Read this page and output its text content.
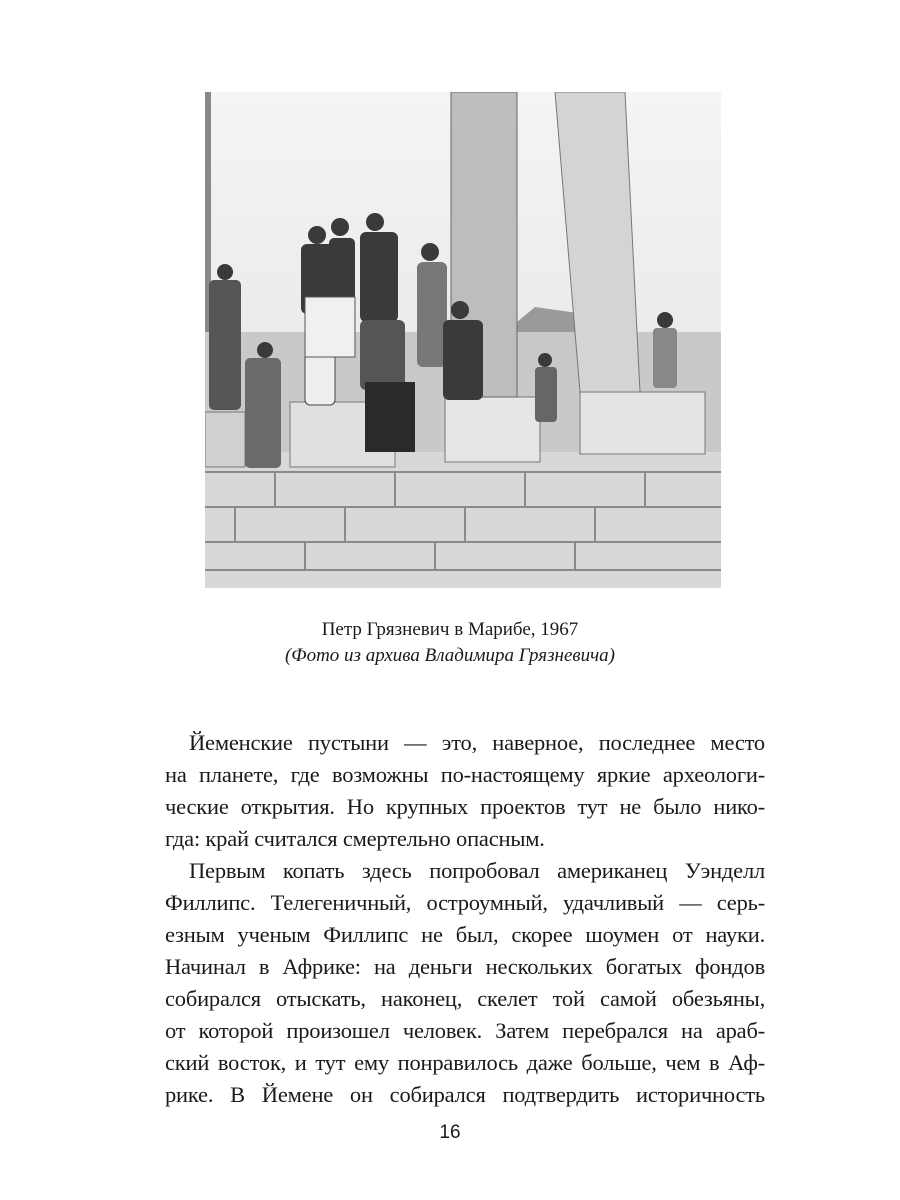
Петр Грязневич в Марибе, 1967
(Фото из архива Владимира Грязневича)
Йеменские пустыни — это, наверное, последнее место
на планете, где возможны по-настоящему яркие археологи-
ческие открытия. Но крупных проектов тут не было нико-
гда: край считался смертельно опасным.
Первым копать здесь попробовал американец Уэнделл
Филлипс. Телегеничный, остроумный, удачливый — серь-
езным ученым Филлипс не был, скорее шоумен от науки.
Начинал в Африке: на деньги нескольких богатых фондов
собирался отыскать, наконец, скелет той самой обезьяны,
от которой произошел человек. Затем перебрался на араб-
ский восток, и тут ему понравилось даже больше, чем в Аф-
рике. В Йемене он собирался подтвердить историчность
16
